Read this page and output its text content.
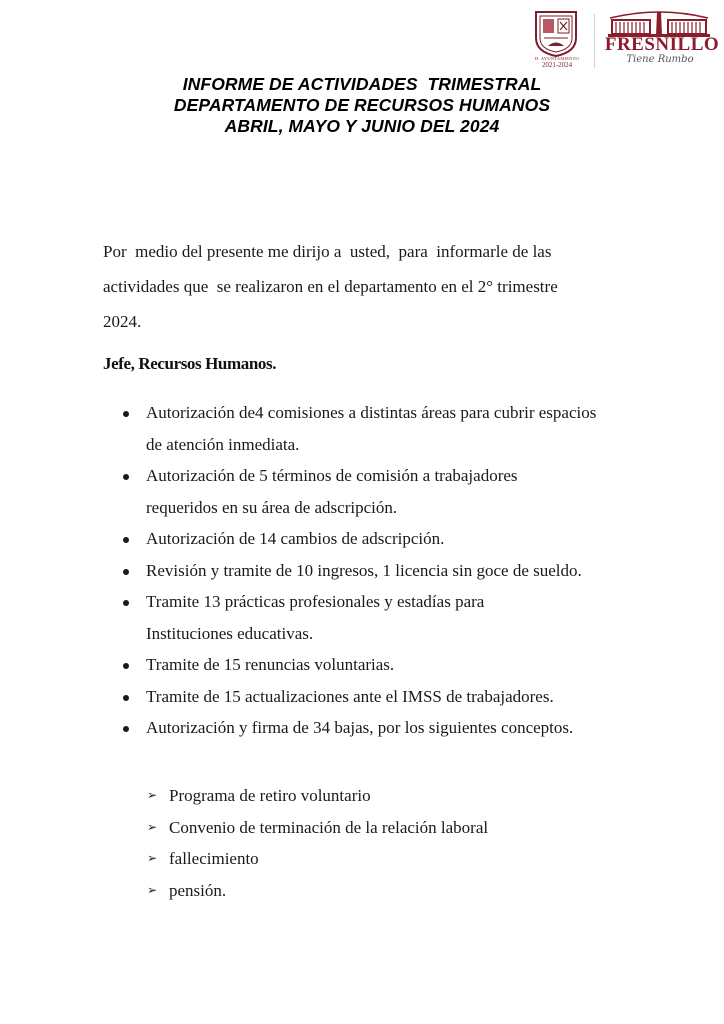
H. AYUNTAMIENTO
2021-2024
FRESNILLO
Tiene Rumbo
INFORME DE ACTIVIDADES  TRIMESTRAL
DEPARTAMENTO DE RECURSOS HUMANOS
ABRIL, MAYO Y JUNIO DEL 2024
Por  medio del presente me dirijo a  usted,  para  informarle de las
actividades que  se realizaron en el departamento en el 2° trimestre
2024.
Jefe, Recursos Humanos.
Autorización de4 comisiones a distintas áreas para cubrir espacios de atención inmediata.
Autorización de 5 términos de comisión a trabajadores requeridos en su área de adscripción.
Autorización de 14 cambios de adscripción.
Revisión y tramite de 10 ingresos, 1 licencia sin goce de sueldo.
Tramite 13 prácticas profesionales y estadías para Instituciones educativas.
Tramite de 15 renuncias voluntarias.
Tramite de 15 actualizaciones ante el IMSS de trabajadores.
Autorización y firma de 34 bajas, por los siguientes conceptos.
➢ Programa de retiro voluntario
➢ Convenio de terminación de la relación laboral
➢ fallecimiento
➢ pensión.
